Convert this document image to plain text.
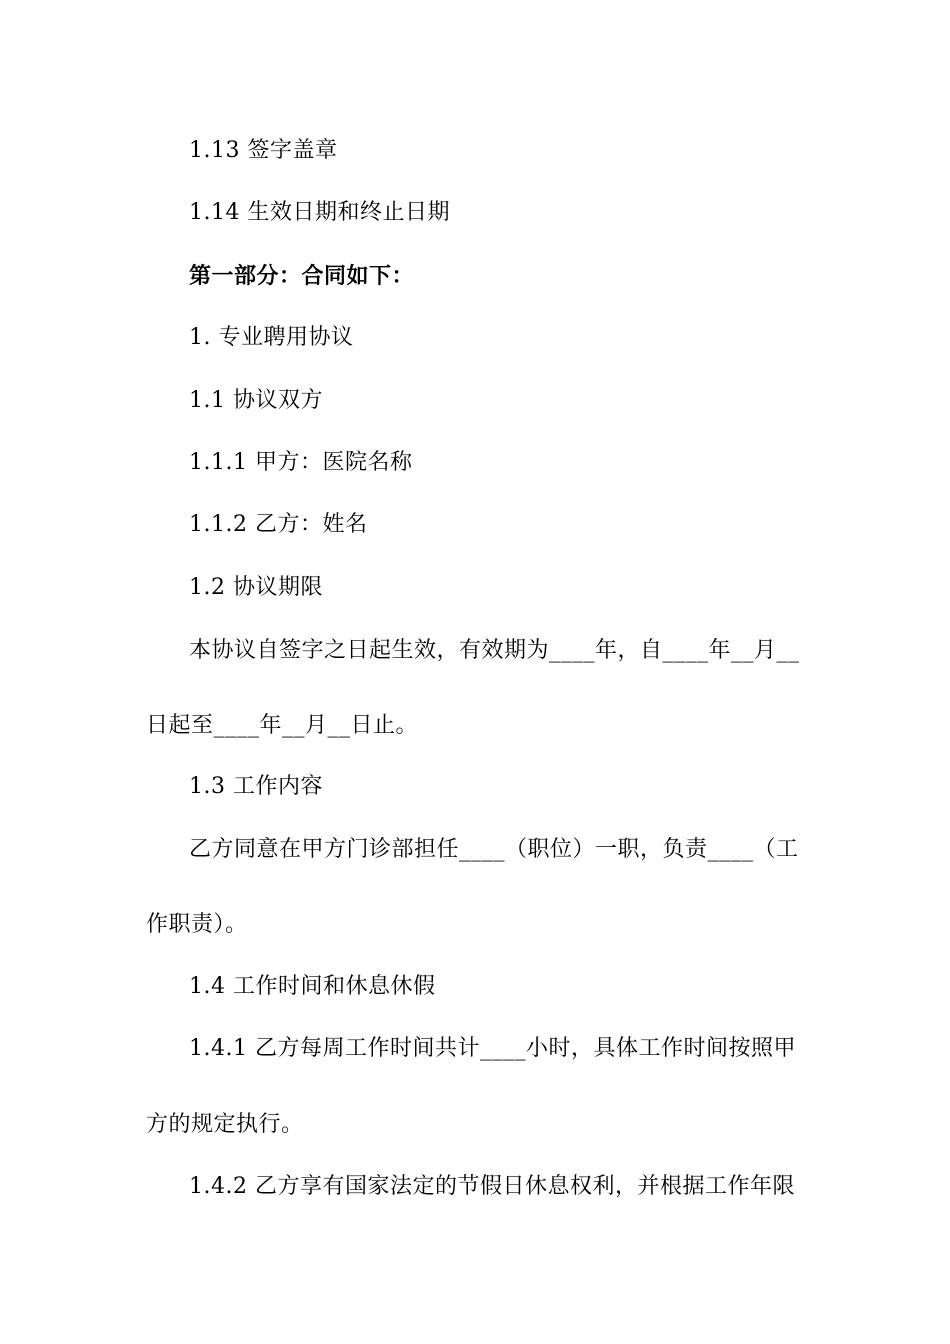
1.13 签字盖章
1.14 生效日期和终止日期
第一部分：合同如下：
1. 专业聘用协议
1.1 协议双方
1.1.1 甲方：医院名称
1.1.2 乙方：姓名
1.2 协议期限
本协议自签字之日起生效，有效期为____年，自____年__月__
日起至____年__月__日止。
1.3 工作内容
乙方同意在甲方门诊部担任____（职位）一职，负责____（工
作职责）。
1.4 工作时间和休息休假
1.4.1 乙方每周工作时间共计____小时，具体工作时间按照甲
方的规定执行。
1.4.2 乙方享有国家法定的节假日休息权利，并根据工作年限
